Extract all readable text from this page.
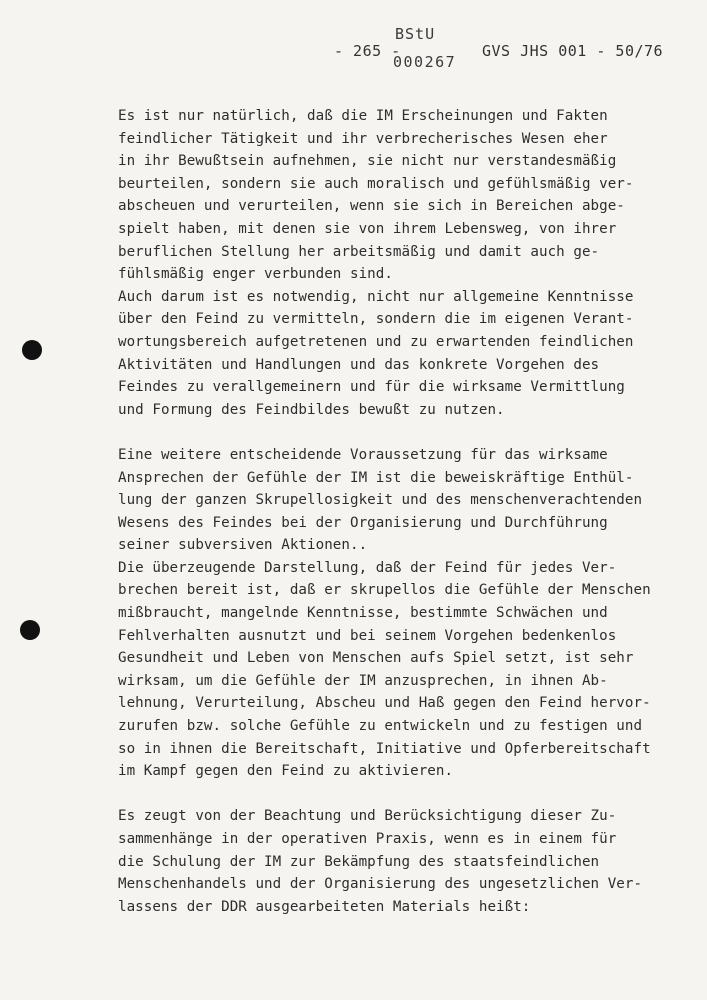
BStU
- 265 -
000267
GVS JHS 001 - 50/76
Es ist nur natürlich, daß die IM Erscheinungen und Fakten
feindlicher Tätigkeit und ihr verbrecherisches Wesen eher
in ihr Bewußtsein aufnehmen, sie nicht nur verstandesmäßig
beurteilen, sondern sie auch moralisch und gefühlsmäßig ver-
abscheuen und verurteilen, wenn sie sich in Bereichen abge-
spielt haben, mit denen sie von ihrem Lebensweg, von ihrer
beruflichen Stellung her arbeitsmäßig und damit auch ge-
fühlsmäßig enger verbunden sind.
Auch darum ist es notwendig, nicht nur allgemeine Kenntnisse
über den Feind zu vermitteln, sondern die im eigenen Verant-
wortungsbereich aufgetretenen und zu erwartenden feindlichen
Aktivitäten und Handlungen und das konkrete Vorgehen des
Feindes zu verallgemeinern und für die wirksame Vermittlung
und Formung des Feindbildes bewußt zu nutzen.
Eine weitere entscheidende Voraussetzung für das wirksame
Ansprechen der Gefühle der IM ist die beweiskräftige Enthül-
lung der ganzen Skrupellosigkeit und des menschenverachtenden
Wesens des Feindes bei der Organisierung und Durchführung
seiner subversiven Aktionen..
Die überzeugende Darstellung, daß der Feind für jedes Ver-
brechen bereit ist, daß er skrupellos die Gefühle der Menschen
mißbraucht, mangelnde Kenntnisse, bestimmte Schwächen und
Fehlverhalten ausnutzt und bei seinem Vorgehen bedenkenlos
Gesundheit und Leben von Menschen aufs Spiel setzt, ist sehr
wirksam, um die Gefühle der IM anzusprechen, in ihnen Ab-
lehnung, Verurteilung, Abscheu und Haß gegen den Feind hervor-
zurufen bzw. solche Gefühle zu entwickeln und zu festigen und
so in ihnen die Bereitschaft, Initiative und Opferbereitschaft
im Kampf gegen den Feind zu aktivieren.
Es zeugt von der Beachtung und Berücksichtigung dieser Zu-
sammenhänge in der operativen Praxis, wenn es in einem für
die Schulung der IM zur Bekämpfung des staatsfeindlichen
Menschenhandels und der Organisierung des ungesetzlichen Ver-
lassens der DDR ausgearbeiteten Materials heißt:
